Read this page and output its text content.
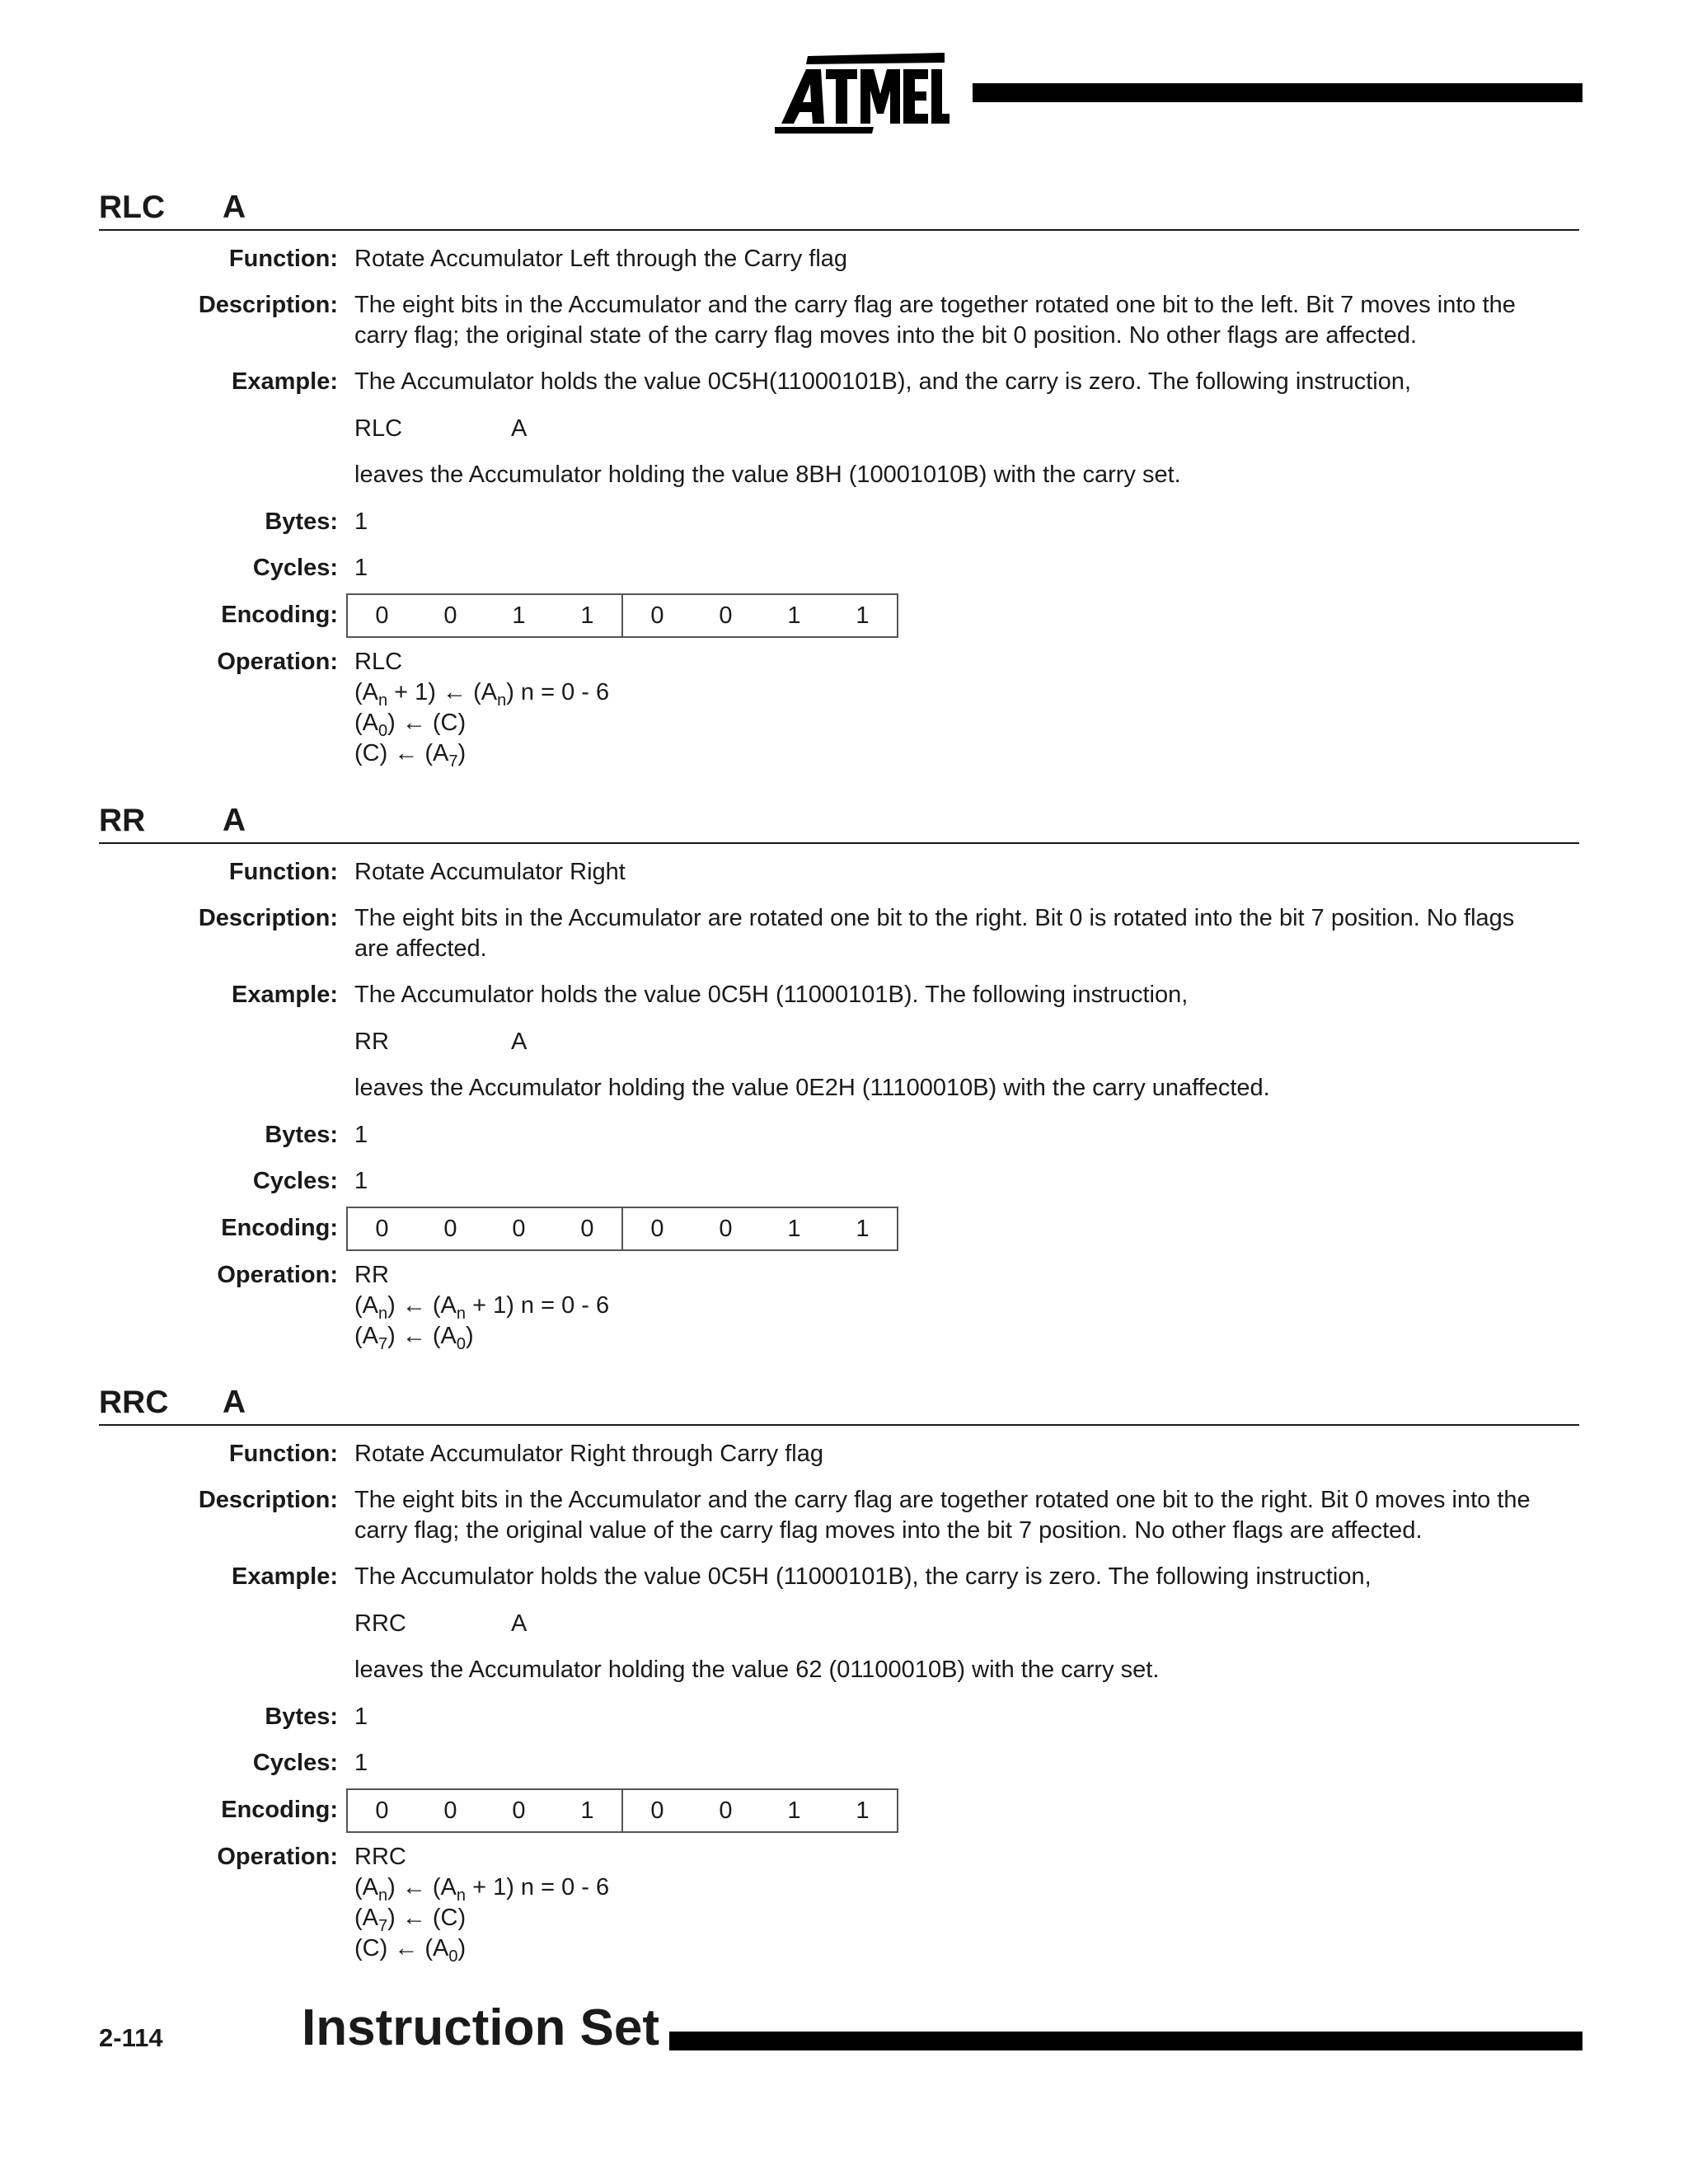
RLC A
Function: Rotate Accumulator Left through the Carry flag
Description: The eight bits in the Accumulator and the carry flag are together rotated one bit to the left. Bit 7 moves into the
carry flag; the original state of the carry flag moves into the bit 0 position. No other flags are affected.
Example: The Accumulator holds the value 0C5H(11000101B), and the carry is zero. The following instruction,
RLC	A
leaves the Accumulator holding the value 8BH (10001010B) with the carry set.
Bytes: 1
Cycles: 1
Encoding:	0	0	1	1	0	0	1	1
Operation: RLC
$(A_n + 1)$ ← $(A_n) n = 0 - 6$
$(A_0)$ ← (C)
(C) ← $(A_7)$
RR A
Function: Rotate Accumulator Right
Description: The eight bits in the Accumulator are rotated one bit to the right. Bit 0 is rotated into the bit 7 position. No flags
are affected.
Example: The Accumulator holds the value 0C5H (11000101B). The following instruction,
RR	A
leaves the Accumulator holding the value 0E2H (11100010B) with the carry unaffected.
Bytes: 1
Cycles: 1
Encoding:	0	0	0	0	0	0	1	1
Operation: RR
$(A_n)$ ← $(A_n + 1) n = 0 - 6$
$(A_7)$ ← $(A_0)$
RRC A
Function: Rotate Accumulator Right through Carry flag
Description: The eight bits in the Accumulator and the carry flag are together rotated one bit to the right. Bit 0 moves into the
carry flag; the original value of the carry flag moves into the bit 7 position. No other flags are affected.
Example: The Accumulator holds the value 0C5H (11000101B), the carry is zero. The following instruction,
RRC	A
leaves the Accumulator holding the value 62 (01100010B) with the carry set.
Bytes: 1
Cycles: 1
Encoding:	0	0	0	1	0	0	1	1
Operation: RRC
$(A_n)$ ← $(A_n + 1) n = 0 - 6$
$(A_7)$ ← (C)
(C) ← $(A_0)$
2-114	Instruction Set
